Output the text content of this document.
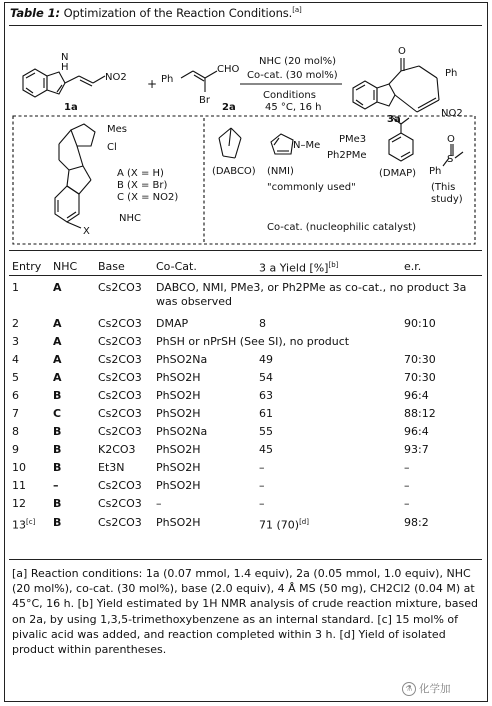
Table 1: Optimization of the Reaction Conditions.[a]
N
H
NO2
1a
+ Ph
CHO
Br
2a
NHC (20 mol%)
Co-cat. (30 mol%)
Conditions
45 °C, 16 h
O
Ph
NO2
3a
Mes
Cl
X
NHC
A (X = H)
B (X = Br)
C (X = NO2)
(DABCO)
N–Me
(NMI)
PMe3
Ph2PMe
"commonly used"
(DMAP) Ph
S
O
(This
study)
Co-cat. (nucleophilic catalyst)
Entry	NHC	Base	Co-Cat.	3 a Yield [%][b]	e.r.
1	A	Cs2CO3	DABCO, NMI, PMe3, or Ph2PMe as co-cat., no product 3a was observed		
2	A	Cs2CO3	DMAP	8	90:10
3	A	Cs2CO3	PhSH or nPrSH (See SI), no product		
4	A	Cs2CO3	PhSO2Na	49	70:30
5	A	Cs2CO3	PhSO2H	54	70:30
6	B	Cs2CO3	PhSO2H	63	96:4
7	C	Cs2CO3	PhSO2H	61	88:12
8	B	Cs2CO3	PhSO2Na	55	96:4
9	B	K2CO3	PhSO2H	45	93:7
10	B	Et3N	PhSO2H	–	–
11	–	Cs2CO3	PhSO2H	–	–
12	B	Cs2CO3	–	–	–
13[c]	B	Cs2CO3	PhSO2H	71 (70)[d]	98:2

[a] Reaction conditions: 1a (0.07 mmol, 1.4 equiv), 2a (0.05 mmol, 1.0 equiv), NHC (20 mol%), co-cat. (30 mol%), base (2.0 equiv), 4 Å MS (50 mg), CH2Cl2 (0.04 M) at 45°C, 16 h. [b] Yield estimated by 1H NMR analysis of crude reaction mixture, based on 2a, by using 1,3,5-trimethoxybenzene as an internal standard. [c] 15 mol% of pivalic acid was added, and reaction completed within 3 h. [d] Yield of isolated product within parentheses.

⚗ 化学加
